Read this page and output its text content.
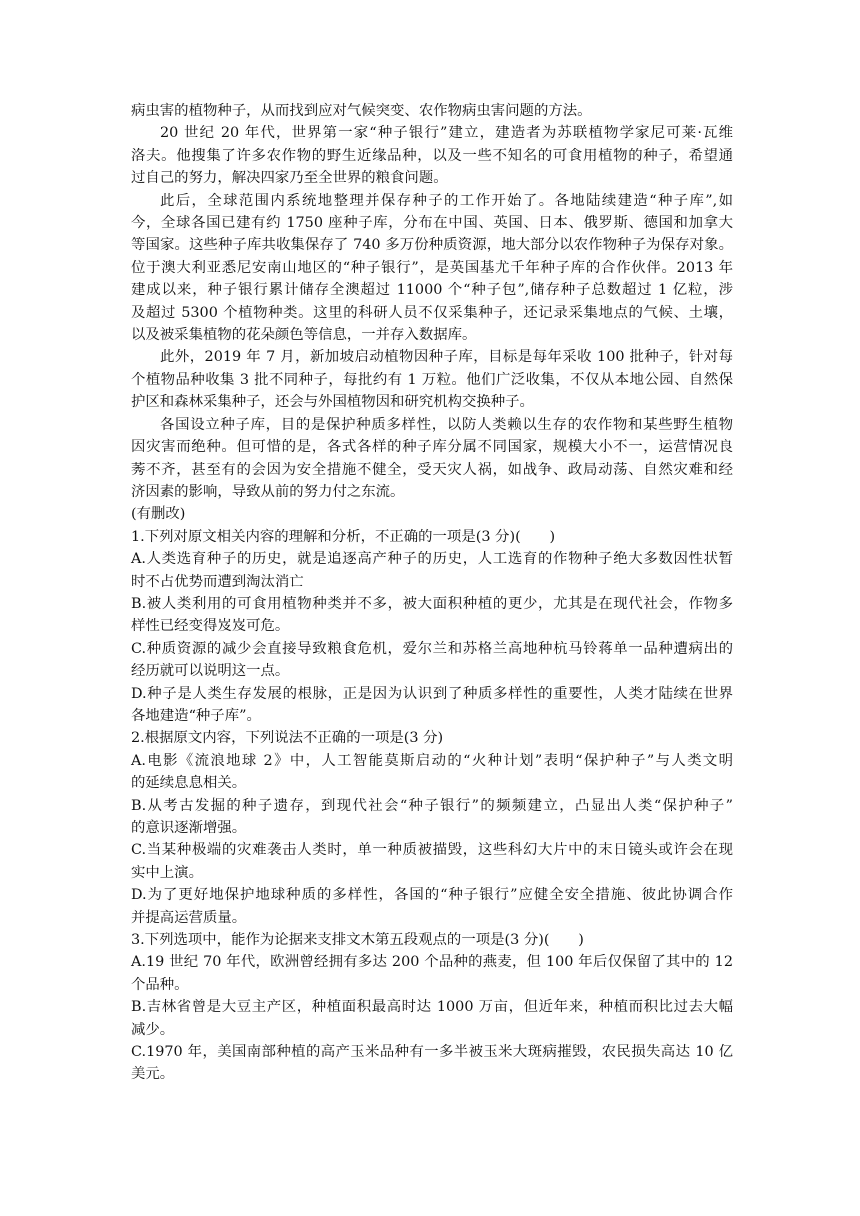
病虫害的植物种子，从而找到应对气候突变、农作物病虫害问题的方法。

20 世纪 20 年代，世界第一家“种子银行”建立，建造者为苏联植物学家尼可莱·瓦维

洛夫。他搜集了许多农作物的野生近缘品种，以及一些不知名的可食用植物的种子，希望通

过自己的努力，解决四家乃至全世界的粮食问题。

此后，全球范围内系统地整理并保存种子的工作开始了。各地陆续建造“种子库”,如

今，全球各国已建有约 1750 座种子库，分布在中国、英国、日本、俄罗斯、德国和加拿大

等国家。这些种子库共收集保存了 740 多万份种质资源，地大部分以农作物种子为保存对象。

位于澳大利亚悉尼安南山地区的“种子银行”，是英国基尤千年种子库的合作伙伴。2013 年

建成以来，种子银行累计储存全澳超过 11000 个“种子包”,储存种子总数超过 1 亿粒，涉

及超过 5300 个植物种类。这里的科研人员不仅采集种子，还记录采集地点的气候、土壤，

以及被采集植物的花朵颜色等信息，一并存入数据库。

此外，2019 年 7 月，新加坡启动植物因种子库，目标是每年采收 100 批种子，针对每

个植物品种收集 3 批不同种子，每批约有 1 万粒。他们广泛收集，不仅从本地公园、自然保

护区和森林采集种子，还会与外国植物因和研究机构交换种子。

各国设立种子库，目的是保护种质多样性，以防人类赖以生存的农作物和某些野生植物

因灾害而绝种。但可惜的是，各式各样的种子库分属不同国家，规模大小不一，运营情况良

莠不齐，甚至有的会因为安全措施不健全，受天灾人祸，如战争、政局动荡、自然灾难和经

济因素的影响，导致从前的努力付之东流。

(有删改)

1.下列对原文相关内容的理解和分析，不正确的一项是(3 分)(　　)

A.人类选育种子的历史，就是追逐高产种子的历史，人工选育的作物种子绝大多数因性状暂

时不占优势而遭到淘汰消亡

B.被人类利用的可食用植物种类并不多，被大面积种植的更少，尤其是在现代社会，作物多

样性已经变得岌岌可危。

C.种质资源的减少会直接导致粮食危机，爱尔兰和苏格兰高地种杭马铃蒋单一品种遭病出的

经历就可以说明这一点。

D.种子是人类生存发展的根脉，正是因为认识到了种质多样性的重要性，人类才陆续在世界

各地建造“种子库”。

2.根据原文内容，下列说法不正确的一项是(3 分)

A.电影《流浪地球 2》中，人工智能莫斯启动的“火种计划”表明“保护种子”与人类文明

的延续息息相关。

B.从考古发掘的种子遗存，到现代社会“种子银行”的频频建立，凸显出人类“保护种子”

的意识逐渐增强。

C.当某种极端的灾难袭击人类时，单一种质被描毁，这些科幻大片中的末日镜头或许会在现

实中上演。

D.为了更好地保护地球种质的多样性，各国的“种子银行”应健全安全措施、彼此协调合作

并提高运营质量。

3.下列选项中，能作为论据来支排文木第五段观点的一项是(3 分)(　　)

A.19 世纪 70 年代，欧洲曾经拥有多达 200 个品种的燕麦，但 100 年后仅保留了其中的 12

个品种。

B.吉林省曾是大豆主产区，种植面积最高时达 1000 万亩，但近年来，种植而积比过去大幅

减少。

C.1970 年，美国南部种植的高产玉米品种有一多半被玉米大斑病摧毁，农民损失高达 10 亿

美元。
